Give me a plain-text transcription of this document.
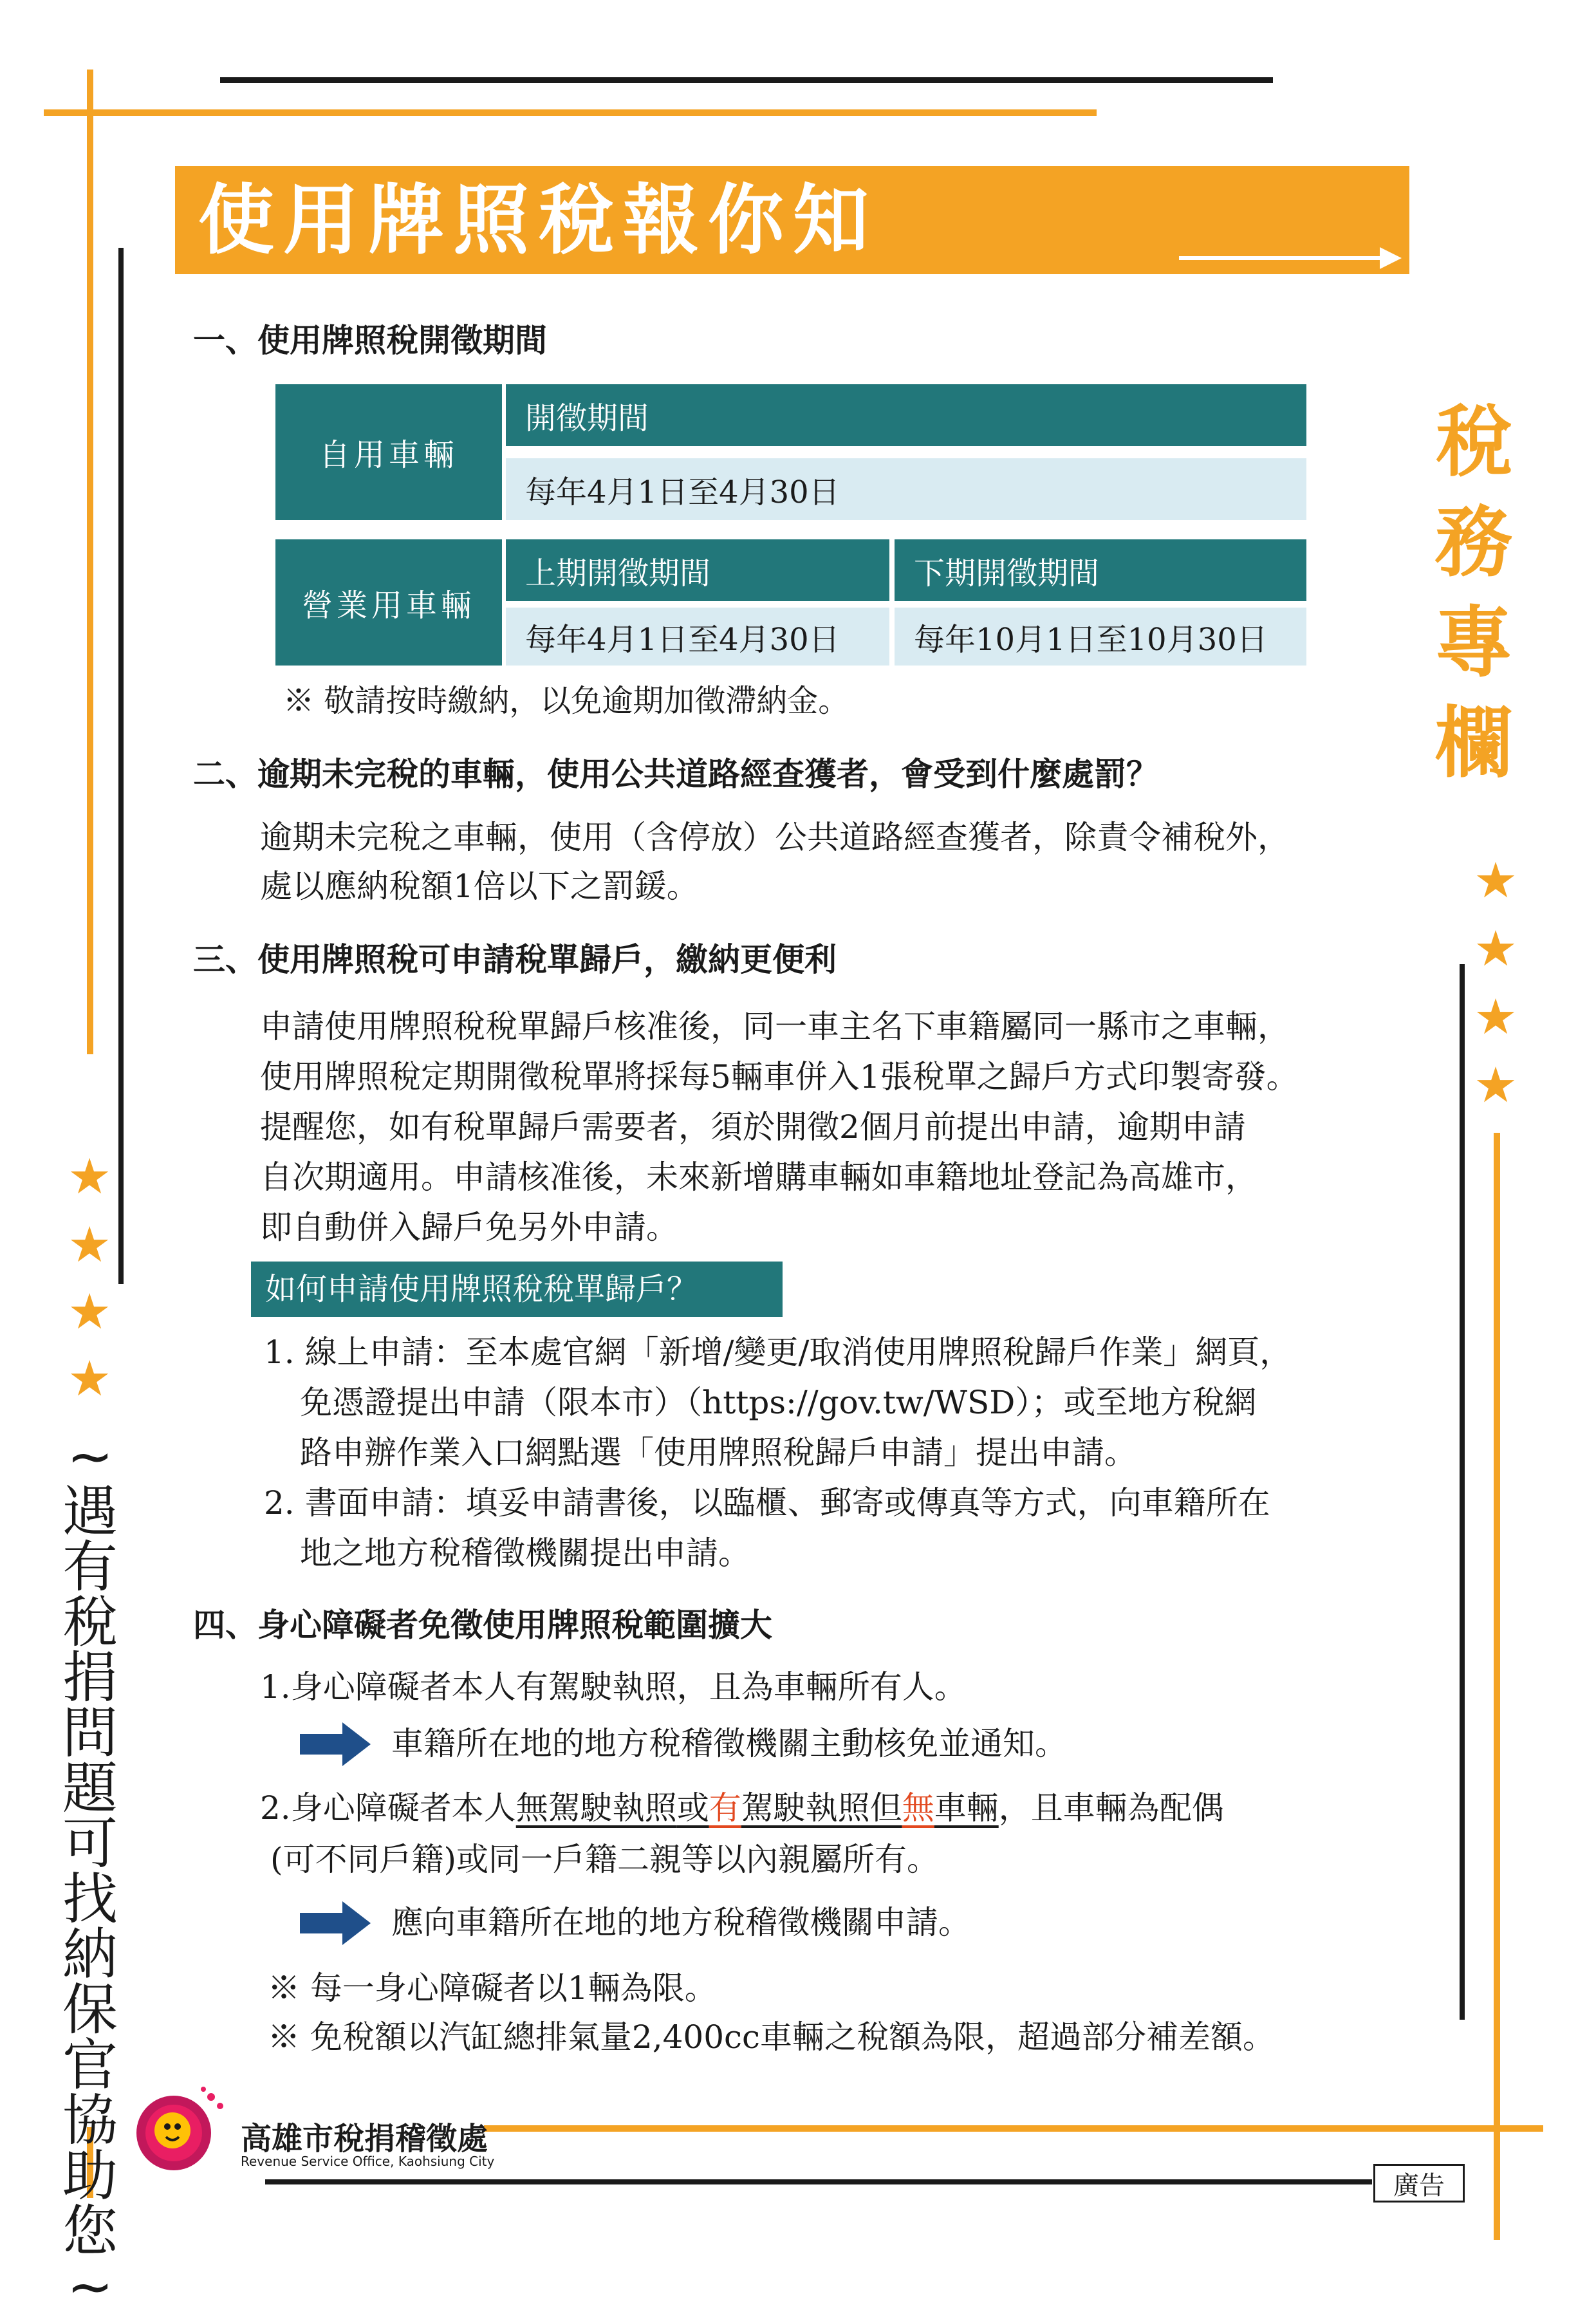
使用牌照稅報你知
稅
務
專
欄
★
★
★
★
★
★
★
★
~
遇
有
稅
捐
問
題
可
找
納
保
官
協
助
您
~
一、使用牌照稅開徵期間
自用車輛
開徵期間
每年4月1日至4月30日
營業用車輛
上期開徵期間	下期開徵期間
每年4月1日至4月30日 每年10月1日至10月30日
※ 敬請按時繳納，以免逾期加徵滯納金。
二、逾期未完稅的車輛，使用公共道路經查獲者，會受到什麼處罰？
逾期未完稅之車輛，使用（含停放）公共道路經查獲者，除責令補稅外，
處以應納稅額1倍以下之罰鍰。
三、使用牌照稅可申請稅單歸戶，繳納更便利
申請使用牌照稅稅單歸戶核准後，同一車主名下車籍屬同一縣市之車輛，
使用牌照稅定期開徵稅單將採每5輛車併入1張稅單之歸戶方式印製寄發。
提醒您，如有稅單歸戶需要者，須於開徵2個月前提出申請，逾期申請
自次期適用。申請核准後，未來新增購車輛如車籍地址登記為高雄市，
即自動併入歸戶免另外申請。
如何申請使用牌照稅稅單歸戶？
1. 線上申請：至本處官網「新增/變更/取消使用牌照稅歸戶作業」網頁，
免憑證提出申請（限本市）（https://gov.tw/WSD）；或至地方稅網
路申辦作業入口網點選「使用牌照稅歸戶申請」提出申請。
2. 書面申請：填妥申請書後，以臨櫃、郵寄或傳真等方式，向車籍所在
地之地方稅稽徵機關提出申請。
四、身心障礙者免徵使用牌照稅範圍擴大
1.身心障礙者本人有駕駛執照，且為車輛所有人。
車籍所在地的地方稅稽徵機關主動核免並通知。
2.身心障礙者本人無駕駛執照或有駕駛執照但無車輛，且車輛為配偶
(可不同戶籍)或同一戶籍二親等以內親屬所有。
應向車籍所在地的地方稅稽徵機關申請。
※ 每一身心障礙者以1輛為限。
※ 免稅額以汽缸總排氣量2,400cc車輛之稅額為限，超過部分補差額。
高雄市稅捐稽徵處
Revenue Service Office, Kaohsiung City
廣告
